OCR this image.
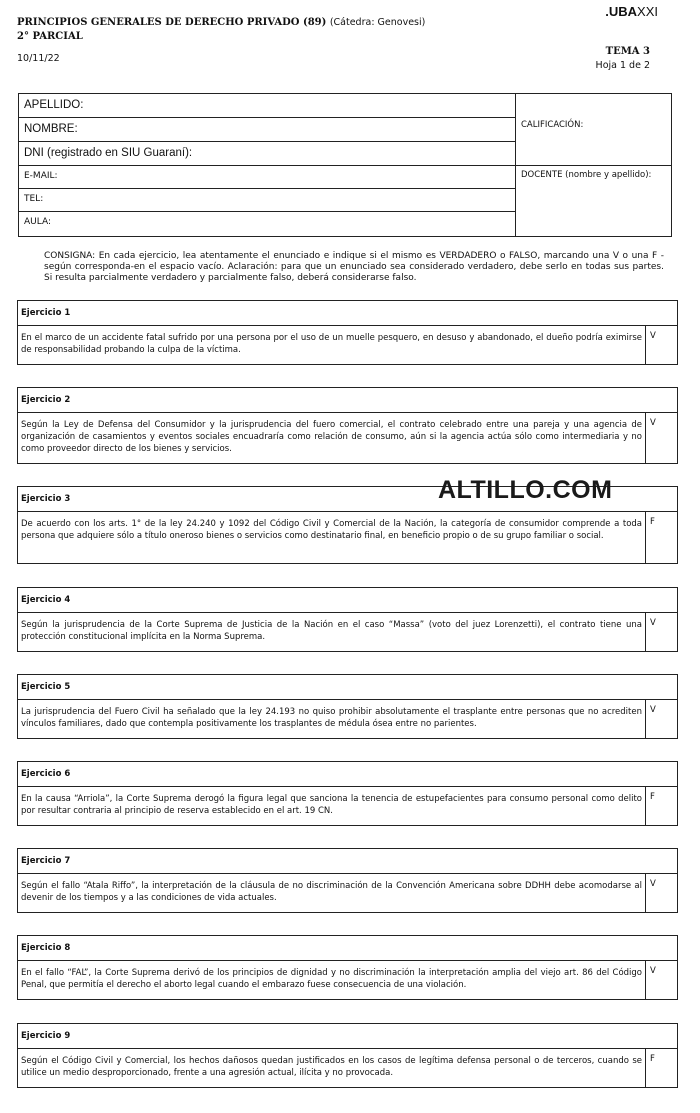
.UBAXXI
PRINCIPIOS GENERALES DE DERECHO PRIVADO (89) (Cátedra: Genovesi)
2° PARCIAL
10/11/22
TEMA 3
Hoja 1 de 2
APELLIDO:
NOMBRE:
DNI (registrado en SIU Guaraní):
E-MAIL:
TEL:
AULA:
CALIFICACIÓN:
DOCENTE (nombre y apellido):
CONSIGNA: En cada ejercicio, lea atentamente el enunciado e indique si el mismo es VERDADERO o FALSO, marcando una V o una F -según corresponda-en el espacio vacío. Aclaración: para que un enunciado sea considerado verdadero, debe serlo en todas sus partes. Si resulta parcialmente verdadero y parcialmente falso, deberá considerarse falso.
Ejercicio 1
En el marco de un accidente fatal sufrido por una persona por el uso de un muelle pesquero, en desuso y abandonado, el dueño podría eximirse de responsabilidad probando la culpa de la víctima.
V
Ejercicio 2
Según la Ley de Defensa del Consumidor y la jurisprudencia del fuero comercial, el contrato celebrado entre una pareja y una agencia de organización de casamientos y eventos sociales encuadraría como relación de consumo, aún si la agencia actúa sólo como intermediaria y no como proveedor directo de los bienes y servicios.
V
Ejercicio 3
De acuerdo con los arts. 1° de la ley 24.240 y 1092 del Código Civil y Comercial de la Nación, la categoría de consumidor comprende a toda persona que adquiere sólo a título oneroso bienes o servicios como destinatario final, en beneficio propio o de su grupo familiar o social.
F
Ejercicio 4
Según la jurisprudencia de la Corte Suprema de Justicia de la Nación en el caso “Massa” (voto del juez Lorenzetti), el contrato tiene una protección constitucional implícita en la Norma Suprema.
V
Ejercicio 5
La jurisprudencia del Fuero Civil ha señalado que la ley 24.193 no quiso prohibir absolutamente el trasplante entre personas que no acrediten vínculos familiares, dado que contempla positivamente los trasplantes de médula ósea entre no parientes.
V
Ejercicio 6
En la causa “Arriola”, la Corte Suprema derogó la figura legal que sanciona la tenencia de estupefacientes para consumo personal como delito por resultar contraria al principio de reserva establecido en el art. 19 CN.
F
Ejercicio 7
Según el fallo “Atala Riffo”, la interpretación de la cláusula de no discriminación de la Convención Americana sobre DDHH debe acomodarse al devenir de los tiempos y a las condiciones de vida actuales.
V
Ejercicio 8
En el fallo “FAL”, la Corte Suprema derivó de los principios de dignidad y no discriminación la interpretación amplia del viejo art. 86 del Código Penal, que permitía el derecho el aborto legal cuando el embarazo fuese consecuencia de una violación.
V
Ejercicio 9
Según el Código Civil y Comercial, los hechos dañosos quedan justificados en los casos de legítima defensa personal o de terceros, cuando se utilice un medio desproporcionado, frente a una agresión actual, ilícita y no provocada.
F
ALTILLO.COM
